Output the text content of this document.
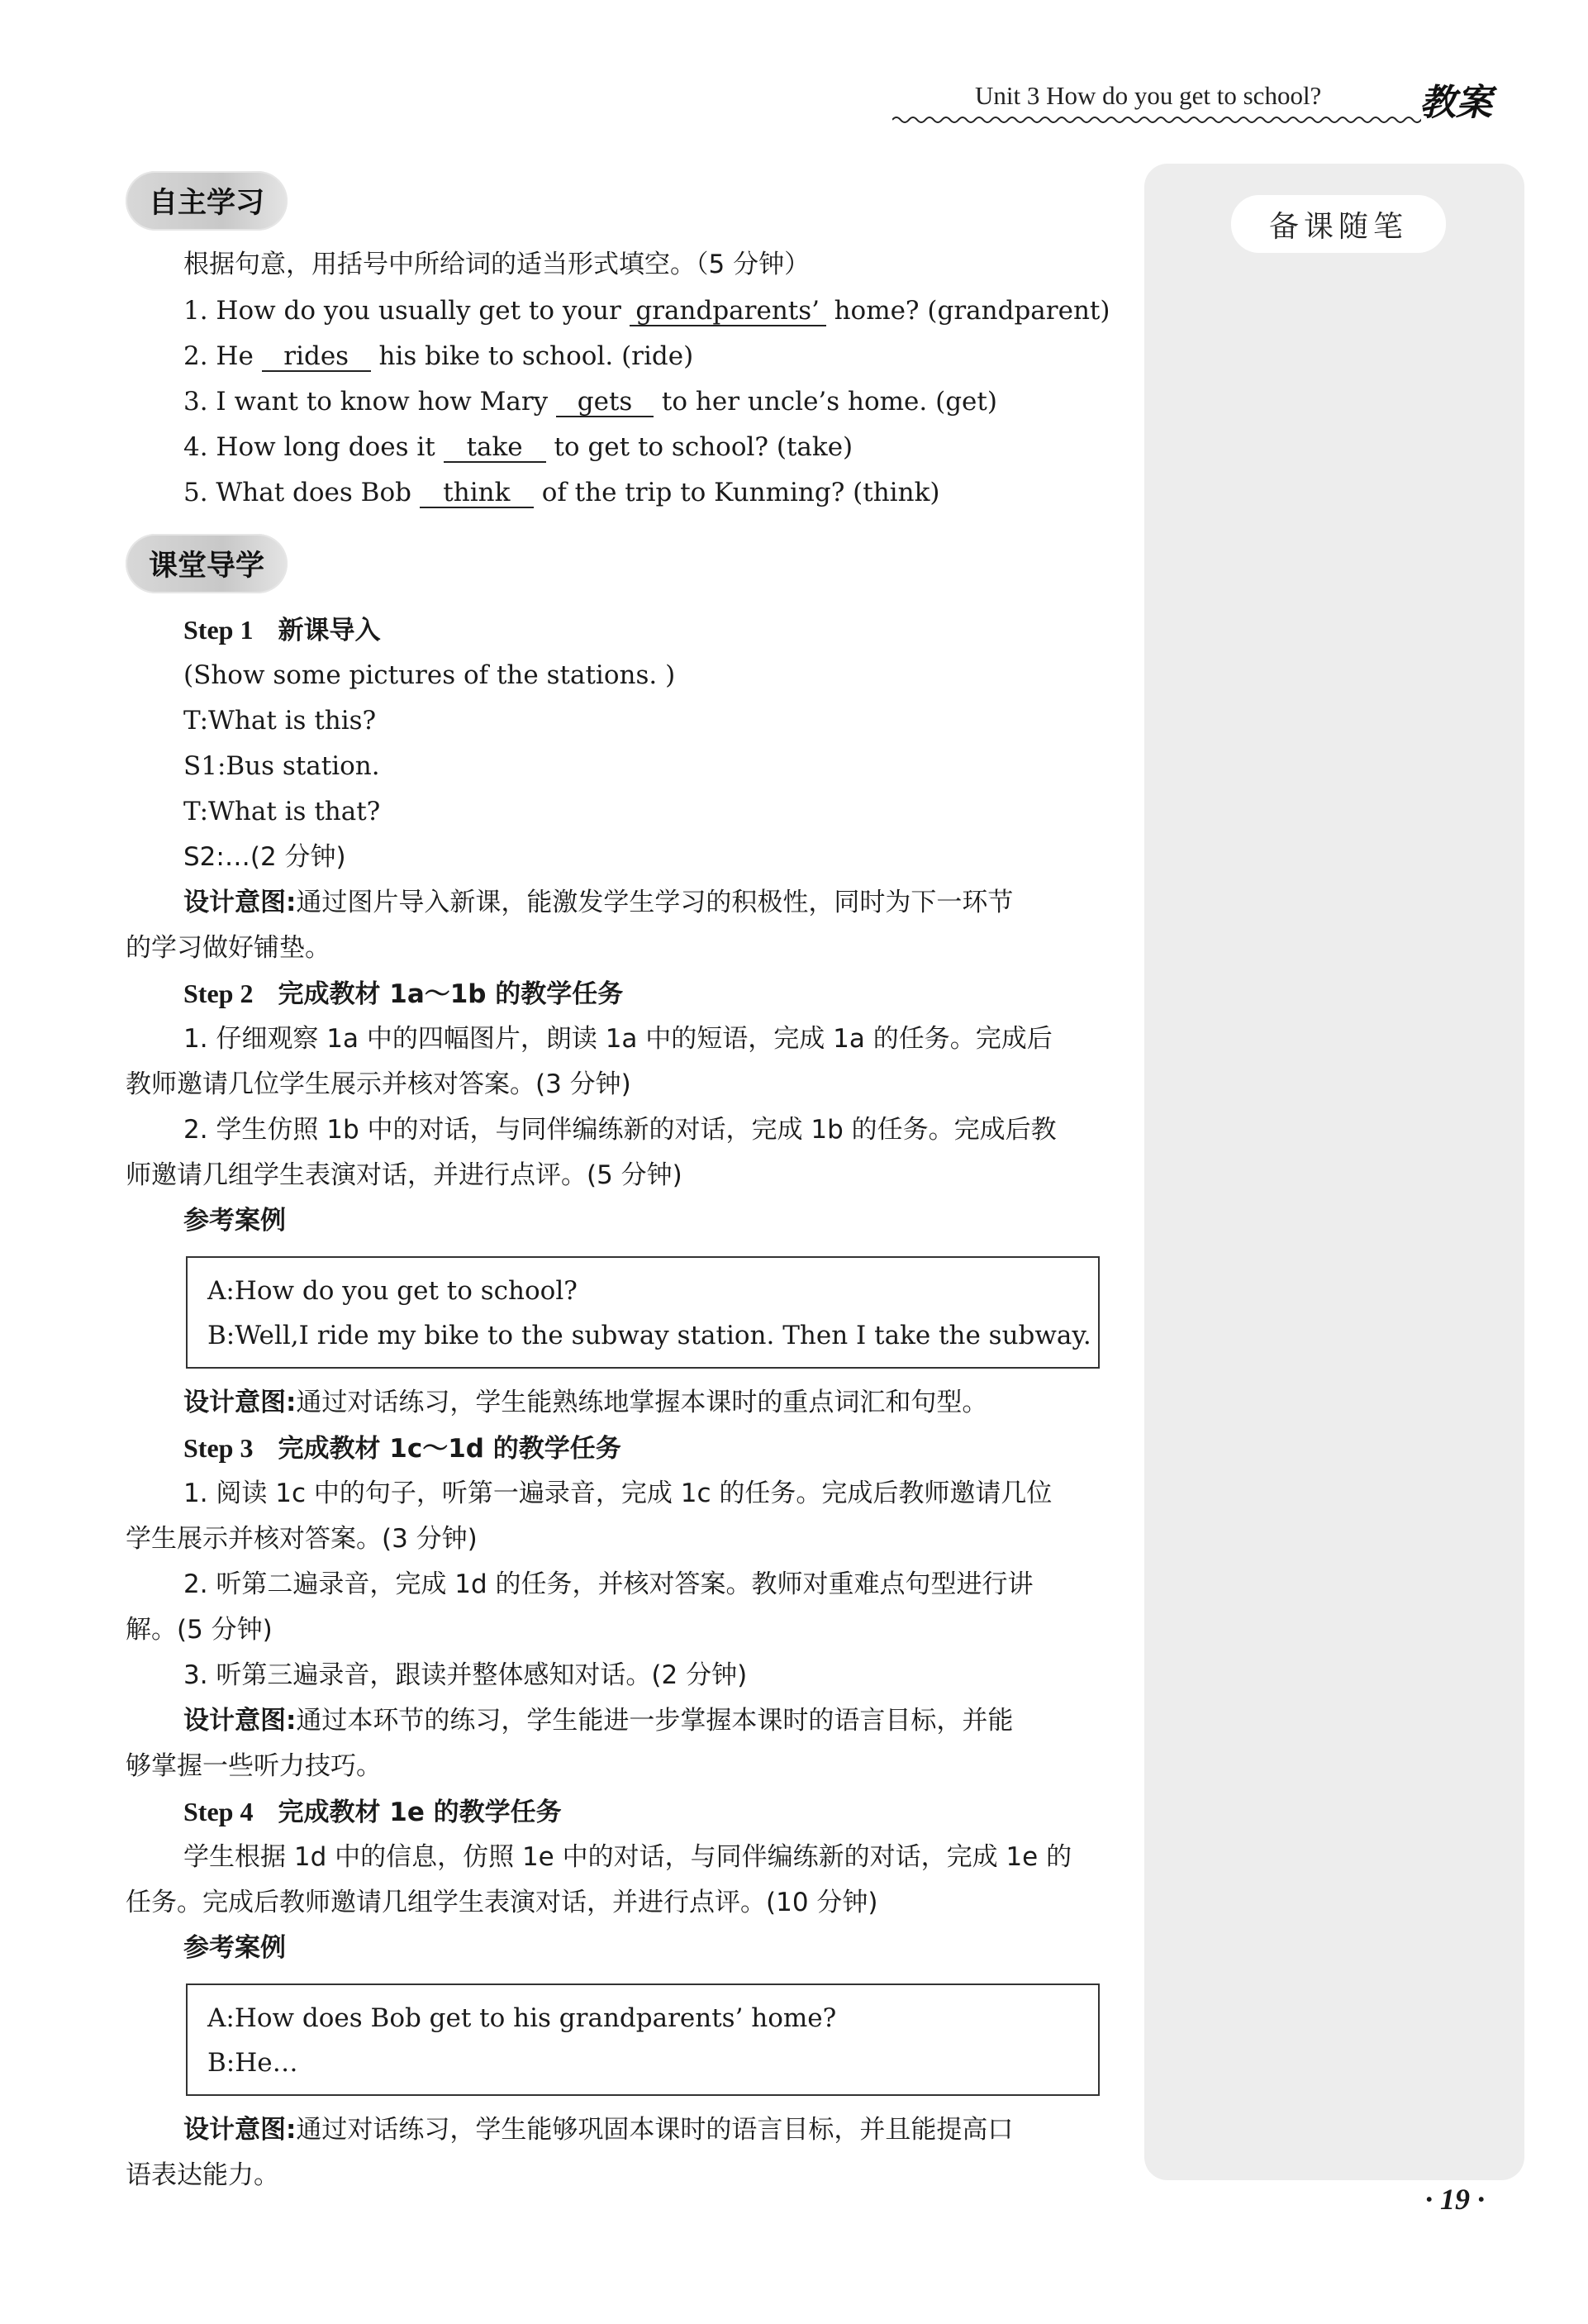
Unit 3 How do you get to school?	教案
备课随笔
自主学习
根据句意，用括号中所给词的适当形式填空。（5 分钟）
1. How do you usually get to your grandparents’ home? (grandparent)
2. He rides his bike to school. (ride)
3. I want to know how Mary gets to her uncle’s home. (get)
4. How long does it take to get to school? (take)
5. What does Bob think of the trip to Kunming? (think)
课堂导学
Step 1 新课导入
(Show some pictures of the stations. )
T:What is this?
S1:Bus station.
T:What is that?
S2:…(2 分钟)
设计意图:通过图片导入新课，能激发学生学习的积极性，同时为下一环节
的学习做好铺垫。
Step 2 完成教材 1a～1b 的教学任务
1. 仔细观察 1a 中的四幅图片，朗读 1a 中的短语，完成 1a 的任务。完成后
教师邀请几位学生展示并核对答案。(3 分钟)
2. 学生仿照 1b 中的对话，与同伴编练新的对话，完成 1b 的任务。完成后教
师邀请几组学生表演对话，并进行点评。(5 分钟)
参考案例
A:How do you get to school?
B:Well,I ride my bike to the subway station. Then I take the subway.
设计意图:通过对话练习，学生能熟练地掌握本课时的重点词汇和句型。
Step 3 完成教材 1c～1d 的教学任务
1. 阅读 1c 中的句子，听第一遍录音，完成 1c 的任务。完成后教师邀请几位
学生展示并核对答案。(3 分钟)
2. 听第二遍录音，完成 1d 的任务，并核对答案。教师对重难点句型进行讲
解。(5 分钟)
3. 听第三遍录音，跟读并整体感知对话。(2 分钟)
设计意图:通过本环节的练习，学生能进一步掌握本课时的语言目标，并能
够掌握一些听力技巧。
Step 4 完成教材 1e 的教学任务
学生根据 1d 中的信息，仿照 1e 中的对话，与同伴编练新的对话，完成 1e 的
任务。完成后教师邀请几组学生表演对话，并进行点评。(10 分钟)
参考案例
A:How does Bob get to his grandparents’ home?
B:He…
设计意图:通过对话练习，学生能够巩固本课时的语言目标，并且能提高口
语表达能力。
· 19 ·
